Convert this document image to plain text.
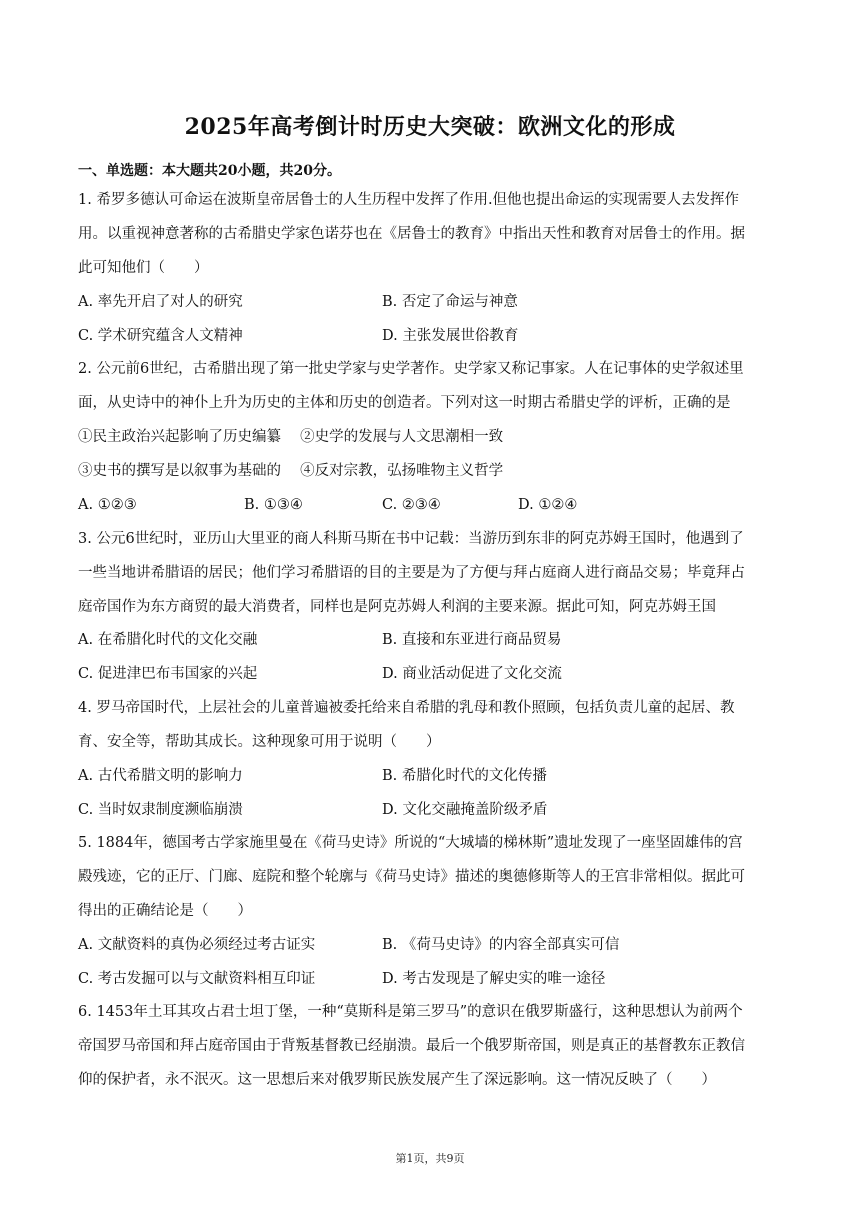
2025年高考倒计时历史大突破：欧洲文化的形成
一、单选题：本大题共20小题，共20分。
1. 希罗多德认可命运在波斯皇帝居鲁士的人生历程中发挥了作用.但他也提出命运的实现需要人去发挥作
用。以重视神意著称的古希腊史学家色诺芬也在《居鲁士的教育》中指出天性和教育对居鲁士的作用。据
此可知他们（　　）
A. 率先开启了对人的研究	B. 否定了命运与神意
C. 学术研究蕴含人文精神	D. 主张发展世俗教育
2. 公元前6世纪，古希腊出现了第一批史学家与史学著作。史学家又称记事家。人在记事体的史学叙述里
面，从史诗中的神仆上升为历史的主体和历史的创造者。下列对这一时期古希腊史学的评析，正确的是
①民主政治兴起影响了历史编纂　 ②史学的发展与人文思潮相一致
③史书的撰写是以叙事为基础的　 ④反对宗教，弘扬唯物主义哲学
A. ①②③	B. ①③④	C. ②③④	D. ①②④
3. 公元6世纪时，亚历山大里亚的商人科斯马斯在书中记载：当游历到东非的阿克苏姆王国时，他遇到了
一些当地讲希腊语的居民；他们学习希腊语的目的主要是为了方便与拜占庭商人进行商品交易；毕竟拜占
庭帝国作为东方商贸的最大消费者，同样也是阿克苏姆人利润的主要来源。据此可知，阿克苏姆王国
A. 在希腊化时代的文化交融	B. 直接和东亚进行商品贸易
C. 促进津巴布韦国家的兴起	D. 商业活动促进了文化交流
4. 罗马帝国时代，上层社会的儿童普遍被委托给来自希腊的乳母和教仆照顾，包括负责儿童的起居、教
育、安全等，帮助其成长。这种现象可用于说明（　　）
A. 古代希腊文明的影响力	B. 希腊化时代的文化传播
C. 当时奴隶制度濒临崩溃	D. 文化交融掩盖阶级矛盾
5. 1884年，德国考古学家施里曼在《荷马史诗》所说的“大城墙的梯林斯”遗址发现了一座坚固雄伟的宫
殿残迹，它的正厅、门廊、庭院和整个轮廓与《荷马史诗》描述的奥德修斯等人的王宫非常相似。据此可
得出的正确结论是（　　）
A. 文献资料的真伪必须经过考古证实	B. 《荷马史诗》的内容全部真实可信
C. 考古发掘可以与文献资料相互印证	D. 考古发现是了解史实的唯一途径
6. 1453年土耳其攻占君士坦丁堡，一种“莫斯科是第三罗马”的意识在俄罗斯盛行，这种思想认为前两个
帝国罗马帝国和拜占庭帝国由于背叛基督教已经崩溃。最后一个俄罗斯帝国，则是真正的基督教东正教信
仰的保护者，永不泯灭。这一思想后来对俄罗斯民族发展产生了深远影响。这一情况反映了（　　）
第1页，共9页
